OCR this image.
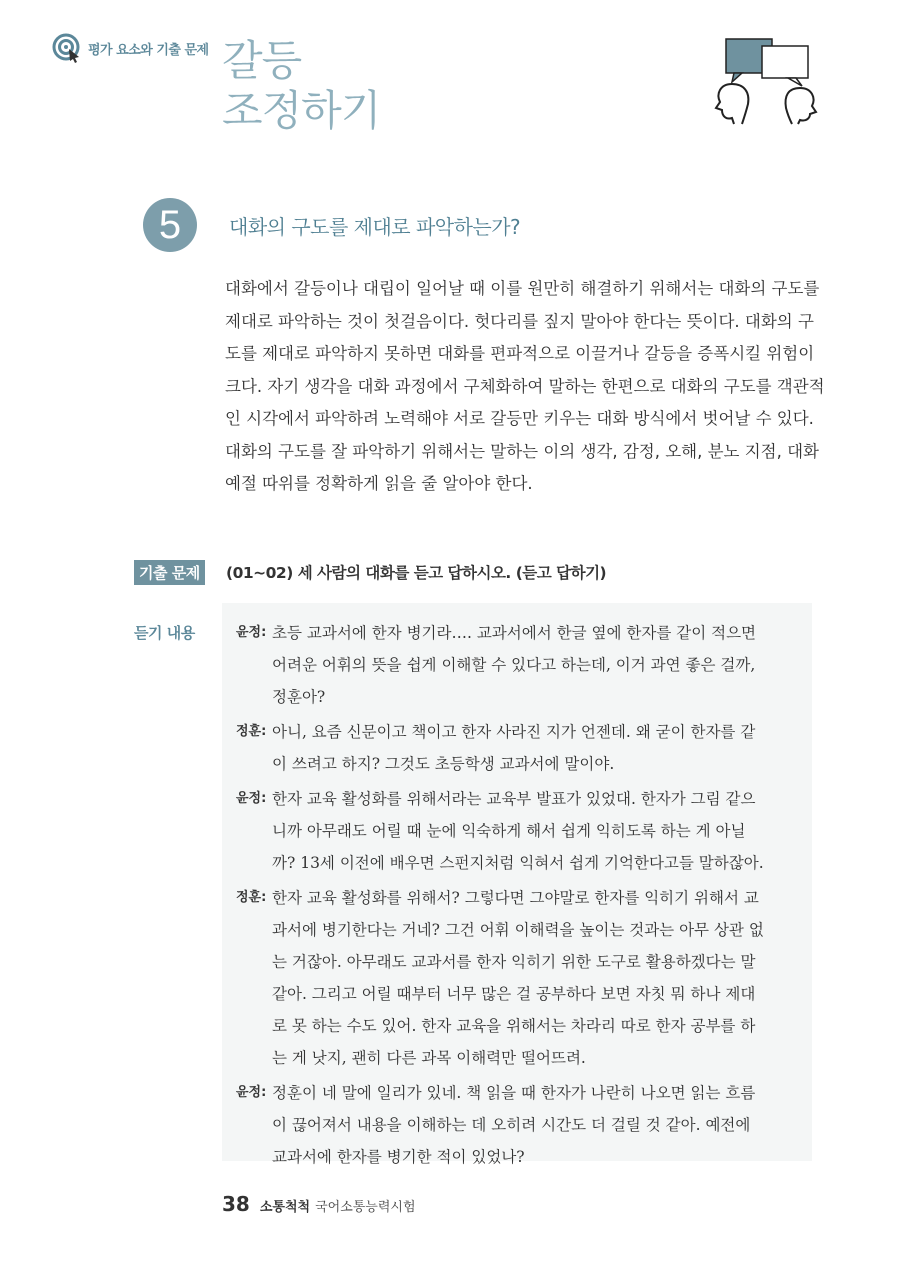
평가 요소와 기출 문제 갈등
조정하기
5	대화의 구도를 제대로 파악하는가?
대화에서 갈등이나 대립이 일어날 때 이를 원만히 해결하기 위해서는 대화의 구도를
제대로 파악하는 것이 첫걸음이다. 헛다리를 짚지 말아야 한다는 뜻이다. 대화의 구
도를 제대로 파악하지 못하면 대화를 편파적으로 이끌거나 갈등을 증폭시킬 위험이
크다. 자기 생각을 대화 과정에서 구체화하여 말하는 한편으로 대화의 구도를 객관적
인 시각에서 파악하려 노력해야 서로 갈등만 키우는 대화 방식에서 벗어날 수 있다.
대화의 구도를 잘 파악하기 위해서는 말하는 이의 생각, 감정, 오해, 분노 지점, 대화
예절 따위를 정확하게 읽을 줄 알아야 한다.
기출 문제	(01~02) 세 사람의 대화를 듣고 답하시오. (듣고 답하기)
듣기 내용	윤정: 초등 교과서에 한자 병기라…. 교과서에서 한글 옆에 한자를 같이 적으면
어려운 어휘의 뜻을 쉽게 이해할 수 있다고 하는데, 이거 과연 좋은 걸까,
정훈아?
정훈: 아니, 요즘 신문이고 책이고 한자 사라진 지가 언젠데. 왜 굳이 한자를 같
이 쓰려고 하지? 그것도 초등학생 교과서에 말이야.
윤정: 한자 교육 활성화를 위해서라는 교육부 발표가 있었대. 한자가 그림 같으
니까 아무래도 어릴 때 눈에 익숙하게 해서 쉽게 익히도록 하는 게 아닐
까? 13세 이전에 배우면 스펀지처럼 익혀서 쉽게 기억한다고들 말하잖아.
정훈: 한자 교육 활성화를 위해서? 그렇다면 그야말로 한자를 익히기 위해서 교
과서에 병기한다는 거네? 그건 어휘 이해력을 높이는 것과는 아무 상관 없
는 거잖아. 아무래도 교과서를 한자 익히기 위한 도구로 활용하겠다는 말
같아. 그리고 어릴 때부터 너무 많은 걸 공부하다 보면 자칫 뭐 하나 제대
로 못 하는 수도 있어. 한자 교육을 위해서는 차라리 따로 한자 공부를 하
는 게 낫지, 괜히 다른 과목 이해력만 떨어뜨려.
윤정: 정훈이 네 말에 일리가 있네. 책 읽을 때 한자가 나란히 나오면 읽는 흐름
이 끊어져서 내용을 이해하는 데 오히려 시간도 더 걸릴 것 같아. 예전에
교과서에 한자를 병기한 적이 있었나?
38 소통척척 국어소통능력시험
